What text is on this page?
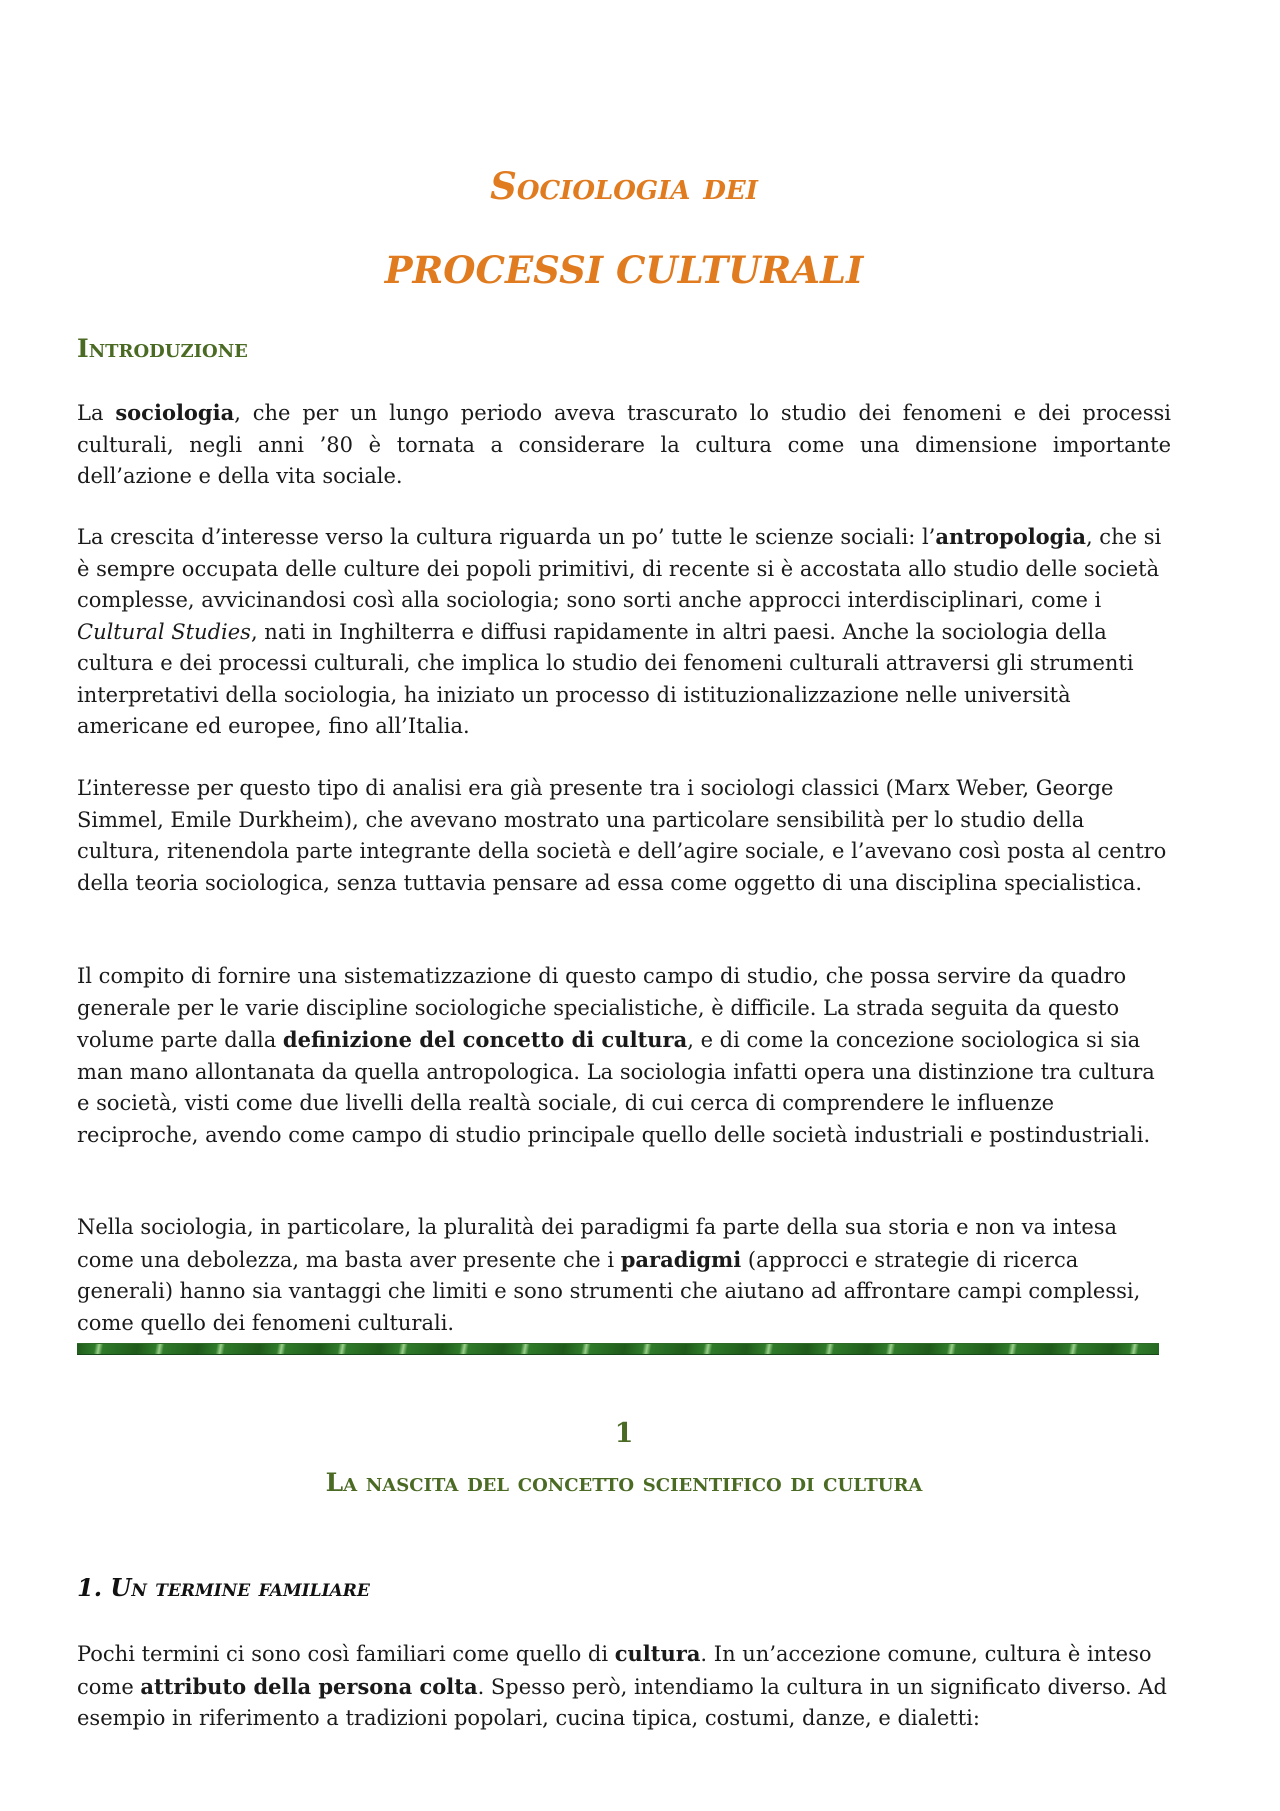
Sociologia dei
PROCESSI CULTURALI
Introduzione

La sociologia, che per un lungo periodo aveva trascurato lo studio dei fenomeni e dei processi culturali, negli anni ’80 è tornata a considerare la cultura come una dimensione importante dell’azione e della vita sociale.

La crescita d’interesse verso la cultura riguarda un po’ tutte le scienze sociali: l’antropologia, che si è sempre occupata delle culture dei popoli primitivi, di recente si è accostata allo studio delle società complesse, avvicinandosi così alla sociologia; sono sorti anche approcci interdisciplinari, come i Cultural Studies, nati in Inghilterra e diffusi rapidamente in altri paesi. Anche la sociologia della cultura e dei processi culturali, che implica lo studio dei fenomeni culturali attraversi gli strumenti interpretativi della sociologia, ha iniziato un processo di istituzionalizzazione nelle università americane ed europee, fino all’Italia.

L’interesse per questo tipo di analisi era già presente tra i sociologi classici (Marx Weber, George Simmel, Emile Durkheim), che avevano mostrato una particolare sensibilità per lo studio della cultura, ritenendola parte integrante della società e dell’agire sociale, e l’avevano così posta al centro della teoria sociologica, senza tuttavia pensare ad essa come oggetto di una disciplina specialistica.

Il compito di fornire una sistematizzazione di questo campo di studio, che possa servire da quadro generale per le varie discipline sociologiche specialistiche, è difficile. La strada seguita da questo volume parte dalla definizione del concetto di cultura, e di come la concezione sociologica si sia man mano allontanata da quella antropologica. La sociologia infatti opera una distinzione tra cultura e società, visti come due livelli della realtà sociale, di cui cerca di comprendere le influenze reciproche, avendo come campo di studio principale quello delle società industriali e postindustriali.

Nella sociologia, in particolare, la pluralità dei paradigmi fa parte della sua storia e non va intesa come una debolezza, ma basta aver presente che i paradigmi (approcci e strategie di ricerca generali) hanno sia vantaggi che limiti e sono strumenti che aiutano ad affrontare campi complessi, come quello dei fenomeni culturali.

1
La nascita del concetto scientifico di cultura
1. Un termine familiare

Pochi termini ci sono così familiari come quello di cultura. In un’accezione comune, cultura è inteso come attributo della persona colta. Spesso però, intendiamo la cultura in un significato diverso. Ad esempio in riferimento a tradizioni popolari, cucina tipica, costumi, danze, e dialetti:
